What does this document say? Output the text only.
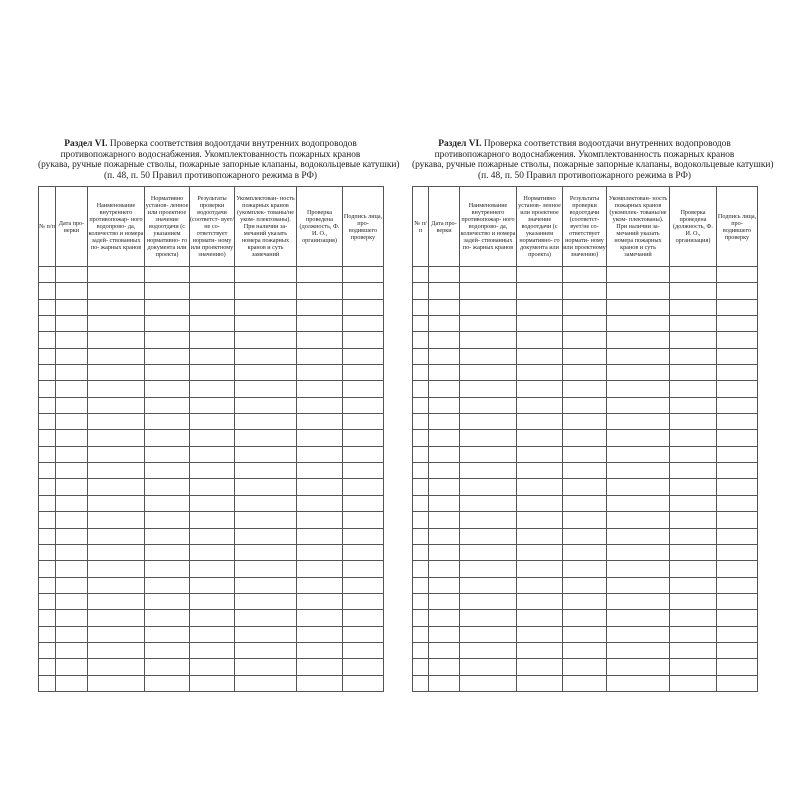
Раздел VI. Проверка соответствия водоотдачи внутренних водопроводов
противопожарного водоснабжения. Укомплектованность пожарных кранов
(рукава, ручные пожарные стволы, пожарные запорные клапаны, водокольцевые катушки)
(п. 48, п. 50 Правил противопожарного режима в РФ)
№ п/п	Дата про- верки	Наименование внутреннего противопожар- ного водопрово- да, количество и номера задей- ствованных по- жарных кранов	Нормативно установ- ленное или проектное значение водоотдачи (с указанием нормативно- го документа или проекта)	Результаты проверки водоотдачи (соответст- вует/не со- ответствует нормати- ному или проектному значению)	Укомплектован- ность пожарных кранов (укомплек- тованы/не уком- плектованы). При наличии за- мечаний указать номера пожарных кранов и суть замечаний	Проверка проведена (должность, Ф. И. О., организация)	Подпись лица, про- водившего проверку

Раздел VI. Проверка соответствия водоотдачи внутренних водопроводов
противопожарного водоснабжения. Укомплектованность пожарных кранов
(рукава, ручные пожарные стволы, пожарные запорные клапаны, водокольцевые катушки)
(п. 48, п. 50 Правил противопожарного режима в РФ)
№ п/п	Дата про- верки	Наименование внутреннего противопожар- ного водопрово- да, количество и номера задей- ствованных по- жарных кранов	Нормативно установ- ленное или проектное значение водоотдачи (с указанием нормативно- го документа или проекта)	Результаты проверки водоотдачи (соответст- вует/не со- ответствует нормати- ному или проектному значению)	Укомплектован- ность пожарных кранов (укомплек- тованы/не уком- плектованы). При наличии за- мечаний указать номера пожарных кранов и суть замечаний	Проверка проведена (должность, Ф. И. О., организация)	Подпись лица, про- водившего проверку
